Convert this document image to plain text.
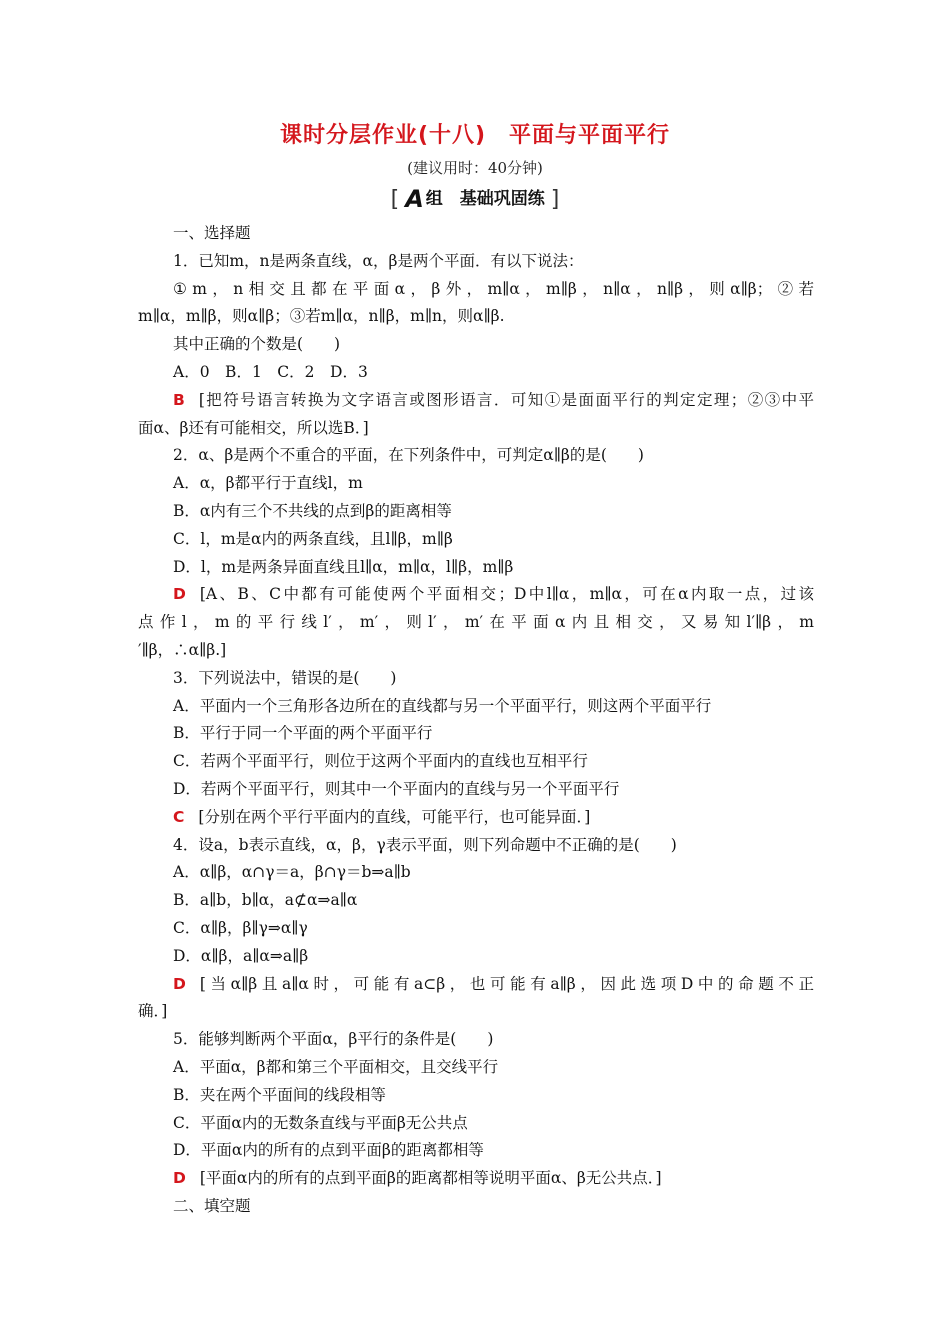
课时分层作业(十八)　平面与平面平行
(建议用时：40分钟)
[ A 组　基础巩固练 ]
一、选择题
1．已知m，n是两条直线，α，β是两个平面．有以下说法：
①m，n相交且都在平面α，β外，m∥α，m∥β，n∥α，n∥β，则α∥β；②若
m∥α，m∥β，则α∥β；③若m∥α，n∥β，m∥n，则α∥β.
其中正确的个数是(　　)
A．0　B．1　C．2　D．3
B [把符号语言转换为文字语言或图形语言．可知①是面面平行的判定定理；②③中平
面α、β还有可能相交，所以选B．]
2．α、β是两个不重合的平面，在下列条件中，可判定α∥β的是(　　)
A．α，β都平行于直线l，m
B．α内有三个不共线的点到β的距离相等
C．l，m是α内的两条直线，且l∥β，m∥β
D．l，m是两条异面直线且l∥α，m∥α，l∥β，m∥β
D [A、B、C中都有可能使两个平面相交；D中l∥α，m∥α，可在α内取一点，过该
点作l，m的平行线l′，m′，则l′，m′在平面α内且相交，又易知l′∥β，m
′∥β，∴α∥β.]
3．下列说法中，错误的是(　　)
A．平面内一个三角形各边所在的直线都与另一个平面平行，则这两个平面平行
B．平行于同一个平面的两个平面平行
C．若两个平面平行，则位于这两个平面内的直线也互相平行
D．若两个平面平行，则其中一个平面内的直线与另一个平面平行
C [分别在两个平行平面内的直线，可能平行，也可能异面．]
4．设a，b表示直线，α，β，γ表示平面，则下列命题中不正确的是(　　)
A．α∥β，α∩γ＝a，β∩γ＝b⇒a∥b
B．a∥b，b∥α，a⊄α⇒a∥α
C．α∥β，β∥γ⇒α∥γ
D．α∥β，a∥α⇒a∥β
D [当α∥β且a∥α时，可能有a⊂β，也可能有a∥β，因此选项D中的命题不正
确．]
5．能够判断两个平面α，β平行的条件是(　　)
A．平面α，β都和第三个平面相交，且交线平行
B．夹在两个平面间的线段相等
C．平面α内的无数条直线与平面β无公共点
D．平面α内的所有的点到平面β的距离都相等
D [平面α内的所有的点到平面β的距离都相等说明平面α、β无公共点．]
二、填空题
